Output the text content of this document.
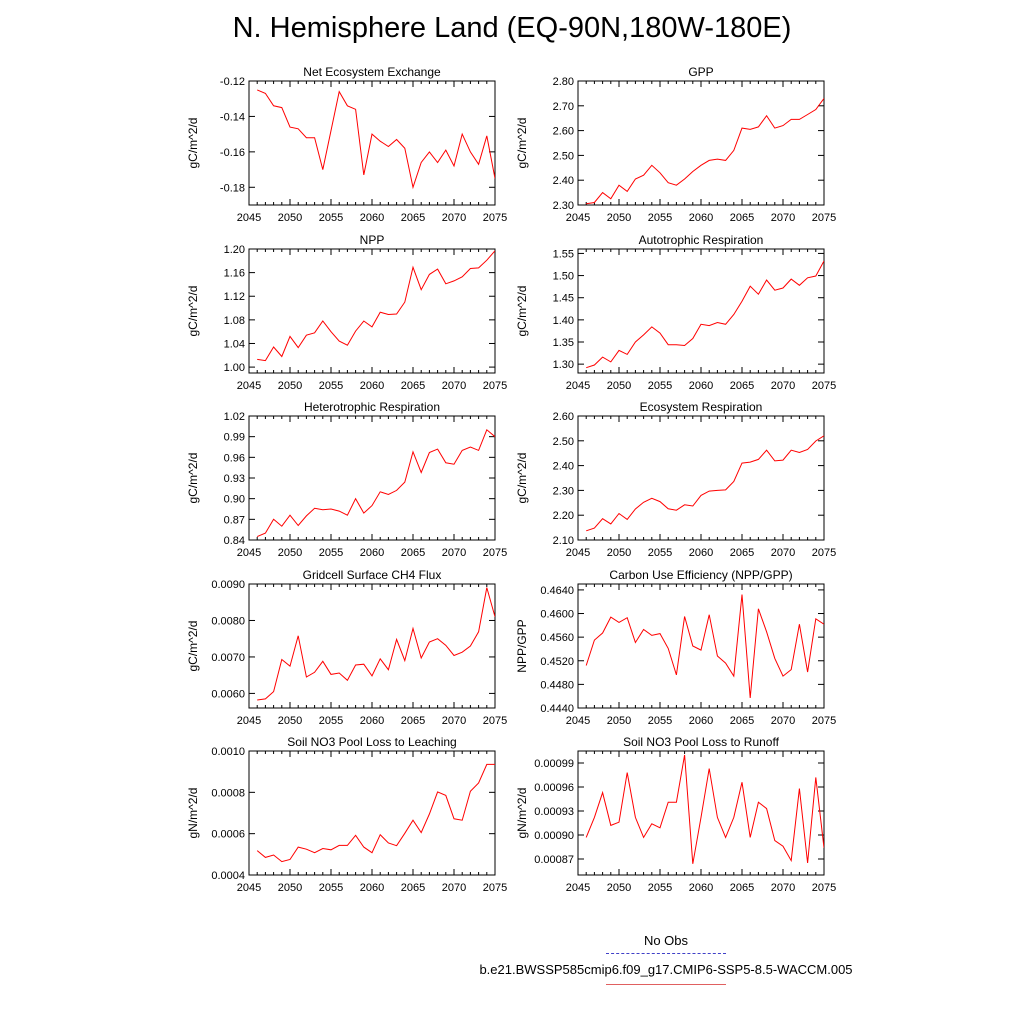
N. Hemisphere Land (EQ-90N,180W-180E)
Net Ecosystem Exchange
2045 2050 2055 2060 2065 2070 2075
-0.12
-0.14
-0.16
-0.18
gC/m^2/d
GPP
2045 2050 2055 2060 2065 2070 2075
2.80
2.70
2.60
2.50
2.40
2.30
gC/m^2/d
NPP
2045 2050 2055 2060 2065 2070 2075
1.20
1.16
1.12
1.08
1.04
1.00
gC/m^2/d
Autotrophic Respiration
2045 2050 2055 2060 2065 2070 2075
1.55
1.50
1.45
1.40
1.35
1.30
gC/m^2/d
Heterotrophic Respiration
2045 2050 2055 2060 2065 2070 2075
1.02
0.99
0.96
0.93
0.90
0.87
0.84
gC/m^2/d
Ecosystem Respiration
2045 2050 2055 2060 2065 2070 2075
2.60
2.50
2.40
2.30
2.20
2.10
gC/m^2/d
Gridcell Surface CH4 Flux
2045 2050 2055 2060 2065 2070 2075
0.0090
0.0080
0.0070
0.0060
gC/m^2/d
Carbon Use Efficiency (NPP/GPP)
2045 2050 2055 2060 2065 2070 2075
0.4640
0.4600
0.4560
0.4520
0.4480
0.4440
NPP/GPP
Soil NO3 Pool Loss to Leaching
2045 2050 2055 2060 2065 2070 2075
0.0010
0.0008
0.0006
0.0004
gN/m^2/d
Soil NO3 Pool Loss to Runoff
2045 2050 2055 2060 2065 2070 2075
0.00099
0.00096
0.00093
0.00090
0.00087
gN/m^2/d
No Obs
b.e21.BWSSP585cmip6.f09_g17.CMIP6-SSP5-8.5-WACCM.005
